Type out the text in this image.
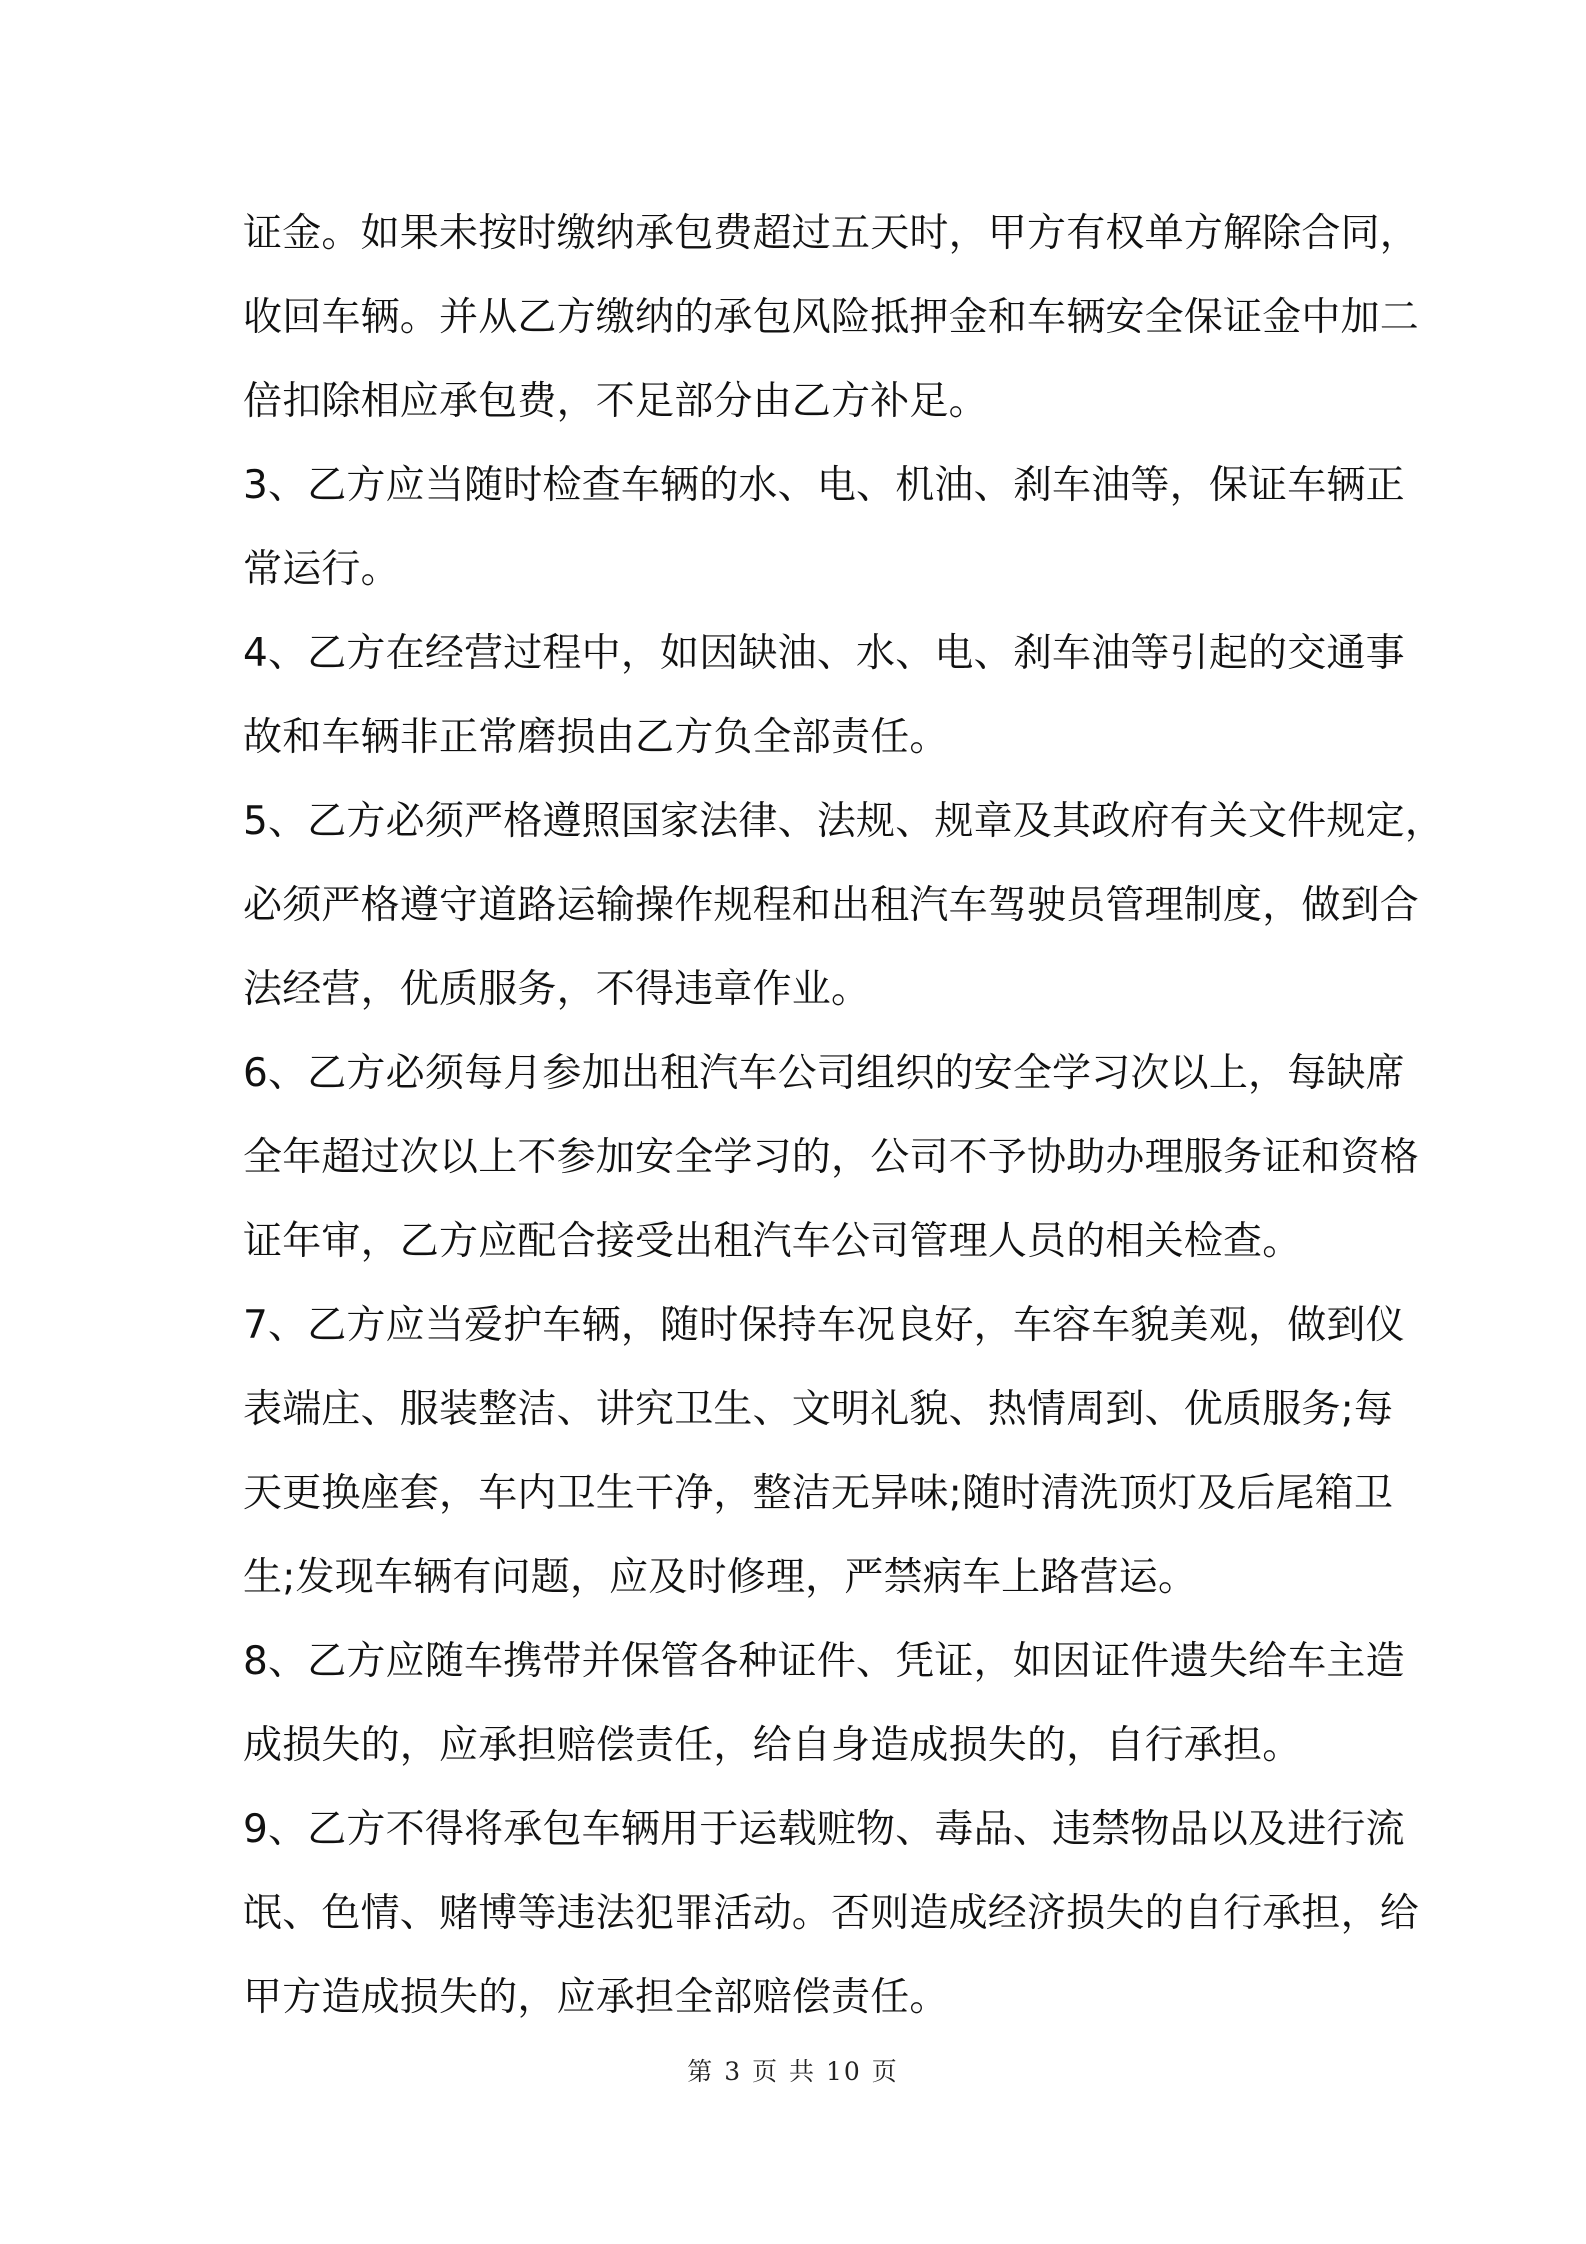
证金。如果未按时缴纳承包费超过五天时，甲方有权单方解除合同，
收回车辆。并从乙方缴纳的承包风险抵押金和车辆安全保证金中加二
倍扣除相应承包费，不足部分由乙方补足。
3、乙方应当随时检查车辆的水、电、机油、刹车油等，保证车辆正
常运行。
4、乙方在经营过程中，如因缺油、水、电、刹车油等引起的交通事
故和车辆非正常磨损由乙方负全部责任。
5、乙方必须严格遵照国家法律、法规、规章及其政府有关文件规定，
必须严格遵守道路运输操作规程和出租汽车驾驶员管理制度，做到合
法经营，优质服务，不得违章作业。
6、乙方必须每月参加出租汽车公司组织的安全学习次以上，每缺席
全年超过次以上不参加安全学习的，公司不予协助办理服务证和资格
证年审，乙方应配合接受出租汽车公司管理人员的相关检查。
7、乙方应当爱护车辆，随时保持车况良好，车容车貌美观，做到仪
表端庄、服装整洁、讲究卫生、文明礼貌、热情周到、优质服务;每
天更换座套，车内卫生干净，整洁无异味;随时清洗顶灯及后尾箱卫
生;发现车辆有问题，应及时修理，严禁病车上路营运。
8、乙方应随车携带并保管各种证件、凭证，如因证件遗失给车主造
成损失的，应承担赔偿责任，给自身造成损失的，自行承担。
9、乙方不得将承包车辆用于运载赃物、毒品、违禁物品以及进行流
氓、色情、赌博等违法犯罪活动。否则造成经济损失的自行承担，给
甲方造成损失的，应承担全部赔偿责任。
第 3 页 共 10 页
